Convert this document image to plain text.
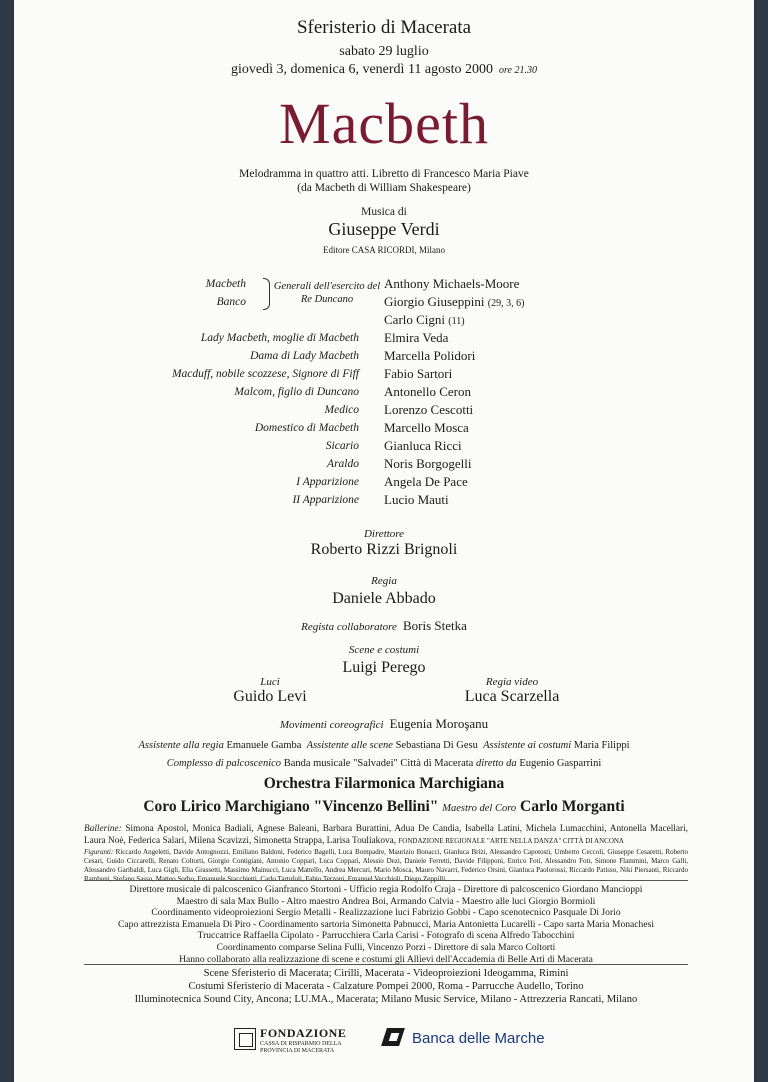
Sferisterio di Macerata

sabato 29 luglio

giovedì 3, domenica 6, venerdì 11 agosto 2000 ore 21.30

Macbeth

Melodramma in quattro atti. Libretto di Francesco Maria Piave

(da Macbeth di William Shakespeare)

Musica di

Giuseppe Verdi

Editore CASA RICORDI, Milano

Generali dell'esercito del Re Duncano
Macbeth	Anthony Michaels-Moore
Banco	Giorgio Giuseppini (29, 3, 6)
Carlo Cigni (11)
Lady Macbeth, moglie di Macbeth Elmira Veda
Dama di Lady Macbeth Marcella Polidori
Macduff, nobile scozzese, Signore di Fiff Fabio Sartori
Malcom, figlio di Duncano Antonello Ceron
Medico Lorenzo Cescotti
Domestico di Macbeth Marcello Mosca
Sicario Gianluca Ricci
Araldo Noris Borgogelli
I Apparizione Angela De Pace
II Apparizione Lucio Mauti

Direttore

Roberto Rizzi Brignoli

Regia

Daniele Abbado

Regista collaboratore Boris Stetka

Scene e costumi

Luigi Perego

Luci
Guido Levi
Regia video
Luca Scarzella

Movimenti coreografici Eugenia Moroşanu

Assistente alla regia Emanuele Gamba Assistente alle scene Sebastiana Di Gesu Assistente ai costumi Maria Filippi

Complesso di palcoscenico Banda musicale "Salvadei" Città di Macerata diretto da Eugenio Gasparrini

Orchestra Filarmonica Marchigiana

Coro Lirico Marchigiano "Vincenzo Bellini" Maestro del Coro Carlo Morganti

Ballerine: Simona Apostol, Monica Badiali, Agnese Baleani, Barbara Burattini, Adua De Candia, Isabella Latini, Michela Lumacchini, Antonella Macellari, Laura Noè, Federica Salari, Milena Scavizzi, Simonetta Strappa, Larisa Touliakova, FONDAZIONE REGIONALE "ARTE NELLA DANZA" CITTÀ DI ANCONA
Figuranti: Riccardo Angeletti, Davide Antognozzi, Emiliano Baldoni, Federico Bagelli, Luca Bompadre, Maurizio Bonacci, Gianluca Brizi, Alessandro Capotosti, Umberto Ceccoli, Giuseppe Cesaretti, Roberto Cesari, Guido Ciccarelli, Renato Coltorti, Giorgio Contigiani, Antonio Coppari, Luca Coppari, Alessio Dezi, Daniele Ferretti, Davide Filipponi, Enrico Foti, Alessandro Foti, Simone Flammini, Marco Galli, Alessandro Garibaldi, Luca Gigli, Elia Grassetti, Massimo Mainucci, Luca Mattello, Andrea Mercuri, Mario Mosca, Mauro Navarri, Federico Orsini, Gianluca Paolorossi, Riccardo Patisso, Niki Piersanti, Riccardo Ramboni, Stefano Sasso, Matteo Sorbo, Emanuele Stacchietti, Carlo Tartufoli, Fabio Terzoni, Emanuel Vecchioli, Diego Zeppilli
Direttore musicale di palcoscenico Gianfranco Stortoni - Ufficio regia Rodolfo Craja - Direttore di palcoscenico Giordano Mancioppi
Maestro di sala Max Bullo - Altro maestro Andrea Boi, Armando Calvia - Maestro alle luci Giorgio Bormioli
Coordinamento videoproiezioni Sergio Metalli - Realizzazione luci Fabrizio Gobbi - Capo scenotecnico Pasquale Di Jorio
Capo attrezzista Emanuela Di Piro - Coordinamento sartoria Simonetta Pabnucci, Maria Antonietta Lucarelli - Capo sarta Maria Monachesi
Truccatrice Raffaella Cipolato - Parrucchiera Carla Carisi - Fotografo di scena Alfredo Tabocchini
Coordinamento comparse Selina Fulli, Vincenzo Porzi - Direttore di sala Marco Coltorti
Hanno collaborato alla realizzazione di scene e costumi gli Allievi dell'Accademia di Belle Arti di Macerata
Scene Sferisterio di Macerata; Cirilli, Macerata - Videoproiezioni Ideogamma, Rimini
Costumi Sferisterio di Macerata - Calzature Pompei 2000, Roma - Parrucche Audello, Torino
Illuminotecnica Sound City, Ancona; LU.MA., Macerata; Milano Music Service, Milano - Attrezzeria Rancati, Milano
FONDAZIONE
CASSA DI RISPARMIO DELLA PROVINCIA DI MACERATA
Banca delle Marche
